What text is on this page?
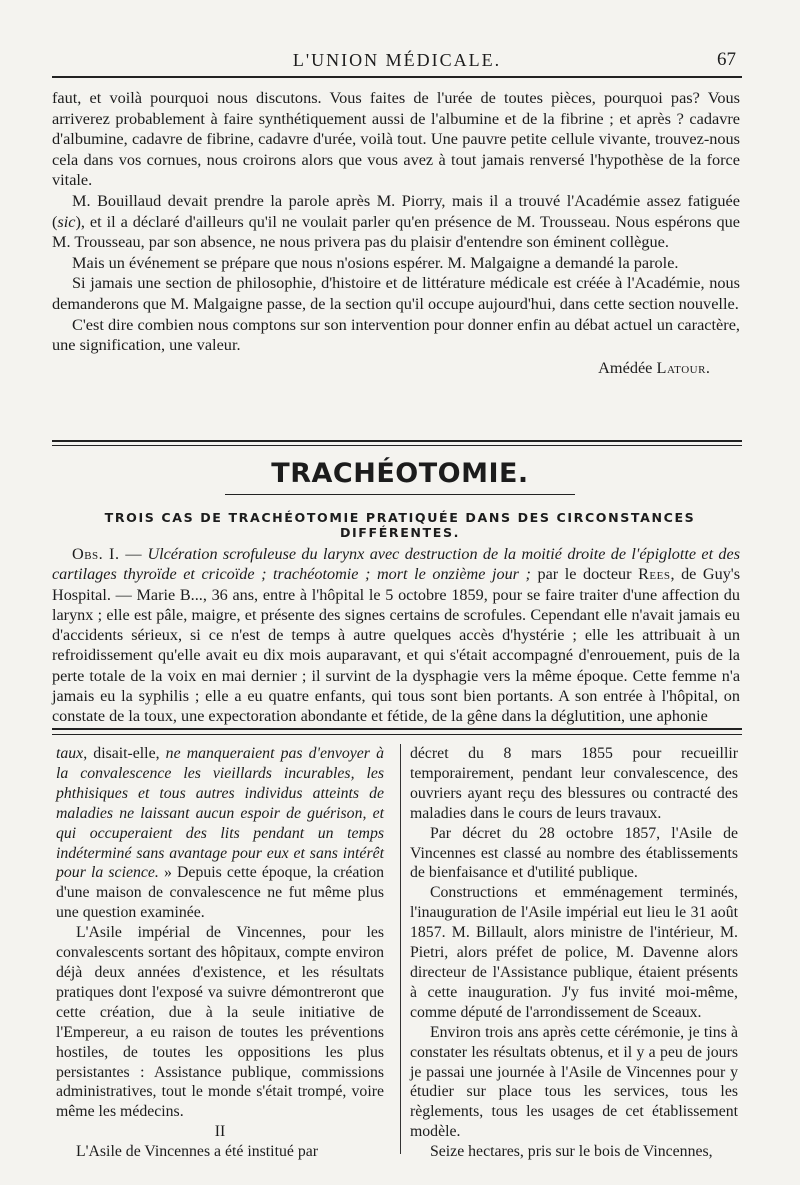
L'UNION MÉDICALE.	67

faut, et voilà pourquoi nous discutons. Vous faites de l'urée de toutes pièces, pourquoi pas? Vous arriverez probablement à faire synthétiquement aussi de l'albumine et de la fibrine ; et après ? cadavre d'albumine, cadavre de fibrine, cadavre d'urée, voilà tout. Une pauvre petite cellule vivante, trouvez-nous cela dans vos cornues, nous croirons alors que vous avez à tout jamais renversé l'hypothèse de la force vitale.

M. Bouillaud devait prendre la parole après M. Piorry, mais il a trouvé l'Académie assez fatiguée (sic), et il a déclaré d'ailleurs qu'il ne voulait parler qu'en présence de M. Trousseau. Nous espérons que M. Trousseau, par son absence, ne nous privera pas du plaisir d'entendre son éminent collègue.

Mais un événement se prépare que nous n'osions espérer. M. Malgaigne a demandé la parole.

Si jamais une section de philosophie, d'histoire et de littérature médicale est créée à l'Académie, nous demanderons que M. Malgaigne passe, de la section qu'il occupe aujourd'hui, dans cette section nouvelle.

C'est dire combien nous comptons sur son intervention pour donner enfin au débat actuel un caractère, une signification, une valeur.

Amédée Latour.

TRACHÉOTOMIE.
TROIS CAS DE TRACHÉOTOMIE PRATIQUÉE DANS DES CIRCONSTANCES DIFFÉRENTES.

Obs. I. — Ulcération scrofuleuse du larynx avec destruction de la moitié droite de l'épiglotte et des cartilages thyroïde et cricoïde ; trachéotomie ; mort le onzième jour ; par le docteur Rees, de Guy's Hospital. — Marie B..., 36 ans, entre à l'hôpital le 5 octobre 1859, pour se faire traiter d'une affection du larynx ; elle est pâle, maigre, et présente des signes certains de scrofules. Cependant elle n'avait jamais eu d'accidents sérieux, si ce n'est de temps à autre quelques accès d'hystérie ; elle les attribuait à un refroidissement qu'elle avait eu dix mois auparavant, et qui s'était accompagné d'enrouement, puis de la perte totale de la voix en mai dernier ; il survint de la dysphagie vers la même époque. Cette femme n'a jamais eu la syphilis ; elle a eu quatre enfants, qui tous sont bien portants. A son entrée à l'hôpital, on constate de la toux, une expectoration abondante et fétide, de la gêne dans la déglutition, une aphonie

taux, disait-elle, ne manqueraient pas d'envoyer à la convalescence les vieillards incurables, les phthisiques et tous autres individus atteints de maladies ne laissant aucun espoir de guérison, et qui occuperaient des lits pendant un temps indéterminé sans avantage pour eux et sans intérêt pour la science. » Depuis cette époque, la création d'une maison de convalescence ne fut même plus une question examinée.

L'Asile impérial de Vincennes, pour les convalescents sortant des hôpitaux, compte environ déjà deux années d'existence, et les résultats pratiques dont l'exposé va suivre démontreront que cette création, due à la seule initiative de l'Empereur, a eu raison de toutes les préventions hostiles, de toutes les oppositions les plus persistantes : Assistance publique, commissions administratives, tout le monde s'était trompé, voire même les médecins.

II

L'Asile de Vincennes a été institué par

décret du 8 mars 1855 pour recueillir temporairement, pendant leur convalescence, des ouvriers ayant reçu des blessures ou contracté des maladies dans le cours de leurs travaux.

Par décret du 28 octobre 1857, l'Asile de Vincennes est classé au nombre des établissements de bienfaisance et d'utilité publique.

Constructions et emménagement terminés, l'inauguration de l'Asile impérial eut lieu le 31 août 1857. M. Billault, alors ministre de l'intérieur, M. Pietri, alors préfet de police, M. Davenne alors directeur de l'Assistance publique, étaient présents à cette inauguration. J'y fus invité moi-même, comme député de l'arrondissement de Sceaux.

Environ trois ans après cette cérémonie, je tins à constater les résultats obtenus, et il y a peu de jours je passai une journée à l'Asile de Vincennes pour y étudier sur place tous les services, tous les règlements, tous les usages de cet établissement modèle.

Seize hectares, pris sur le bois de Vincennes,
